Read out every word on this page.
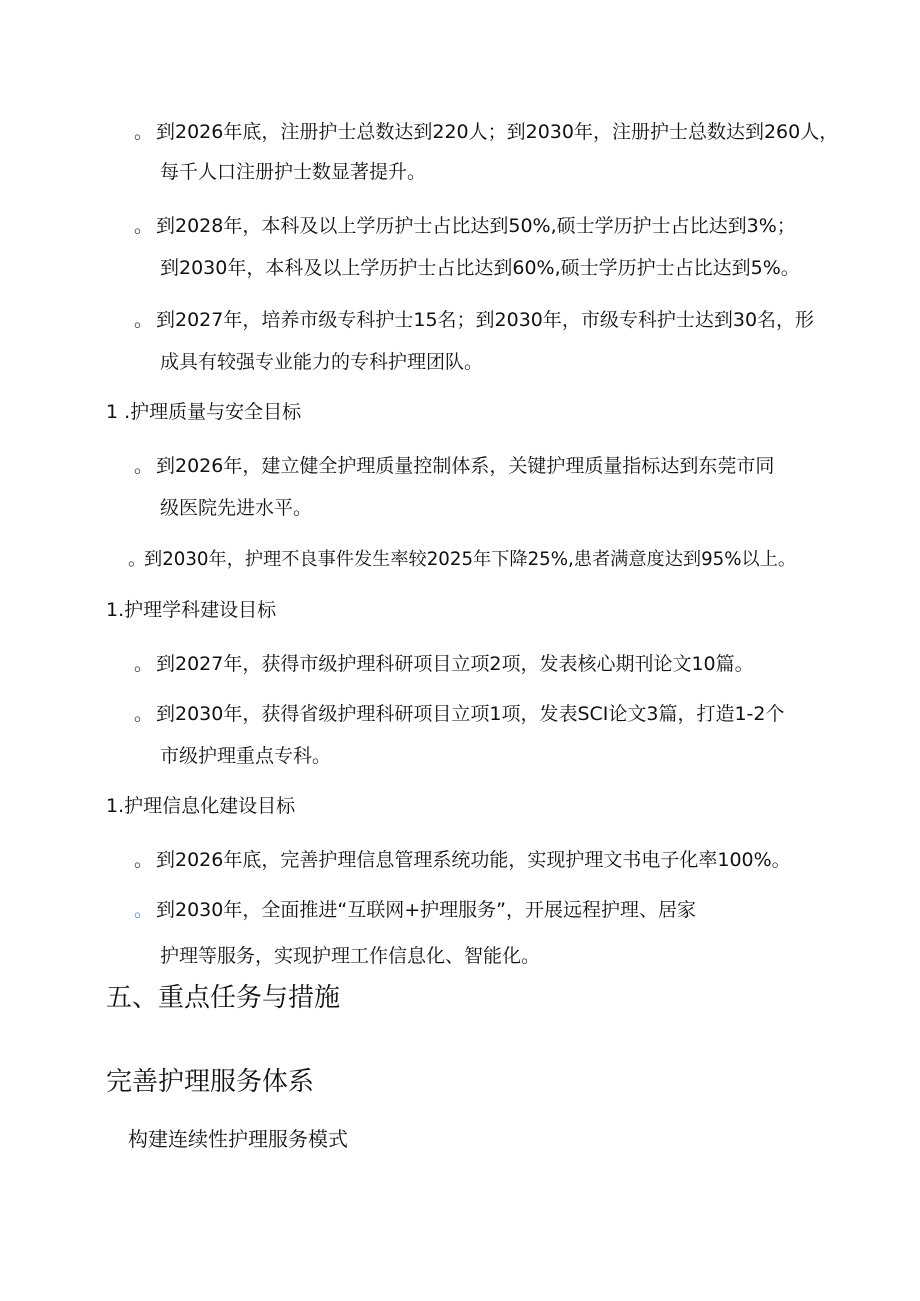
。 到2026年底，注册护士总数达到220人；到2030年，注册护士总数达到260人，
每千人口注册护士数显著提升。
。 到2028年，本科及以上学历护士占比达到50%,硕士学历护士占比达到3%；
到2030年，本科及以上学历护士占比达到60%,硕士学历护士占比达到5%。
。 到2027年，培养市级专科护士15名；到2030年，市级专科护士达到30名，形
成具有较强专业能力的专科护理团队。
1 .护理质量与安全目标
。 到2026年，建立健全护理质量控制体系，关键护理质量指标达到东莞市同
级医院先进水平。
。到2030年，护理不良事件发生率较2025年下降25%,患者满意度达到95%以上。
1.护理学科建设目标
。 到2027年，获得市级护理科研项目立项2项，发表核心期刊论文10篇。
。 到2030年，获得省级护理科研项目立项1项，发表SCI论文3篇，打造1-2个
市级护理重点专科。
1.护理信息化建设目标
。 到2026年底，完善护理信息管理系统功能，实现护理文书电子化率100%。
。 到2030年，全面推进“互联网+护理服务”，开展远程护理、居家
护理等服务，实现护理工作信息化、智能化。
五、重点任务与措施
完善护理服务体系
构建连续性护理服务模式
